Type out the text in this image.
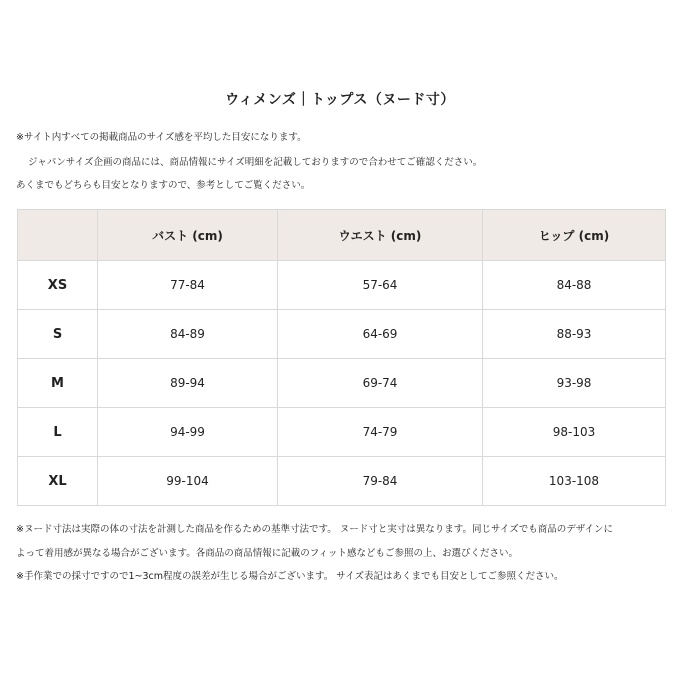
ウィメンズ｜トップス（ヌード寸）
※サイト内すべての掲載商品のサイズ感を平均した目安になります。
ジャパンサイズ企画の商品には、商品情報にサイズ明細を記載しておりますので合わせてご確認ください。
あくまでもどちらも目安となりますので、参考としてご覧ください。
	バスト (cm)	ウエスト (cm)	ヒップ (cm)
XS	77-84	57-64	84-88
S	84-89	64-69	88-93
M	89-94	69-74	93-98
L	94-99	74-79	98-103
XL	99-104	79-84	103-108
※ヌード寸法は実際の体の寸法を計測した商品を作るための基準寸法です。 ヌード寸と実寸は異なります。同じサイズでも商品のデザインに
よって着用感が異なる場合がございます。各商品の商品情報に記載のフィット感などもご参照の上、お選びください。
※手作業での採寸ですので1~3cm程度の誤差が生じる場合がございます。 サイズ表記はあくまでも目安としてご参照ください。
